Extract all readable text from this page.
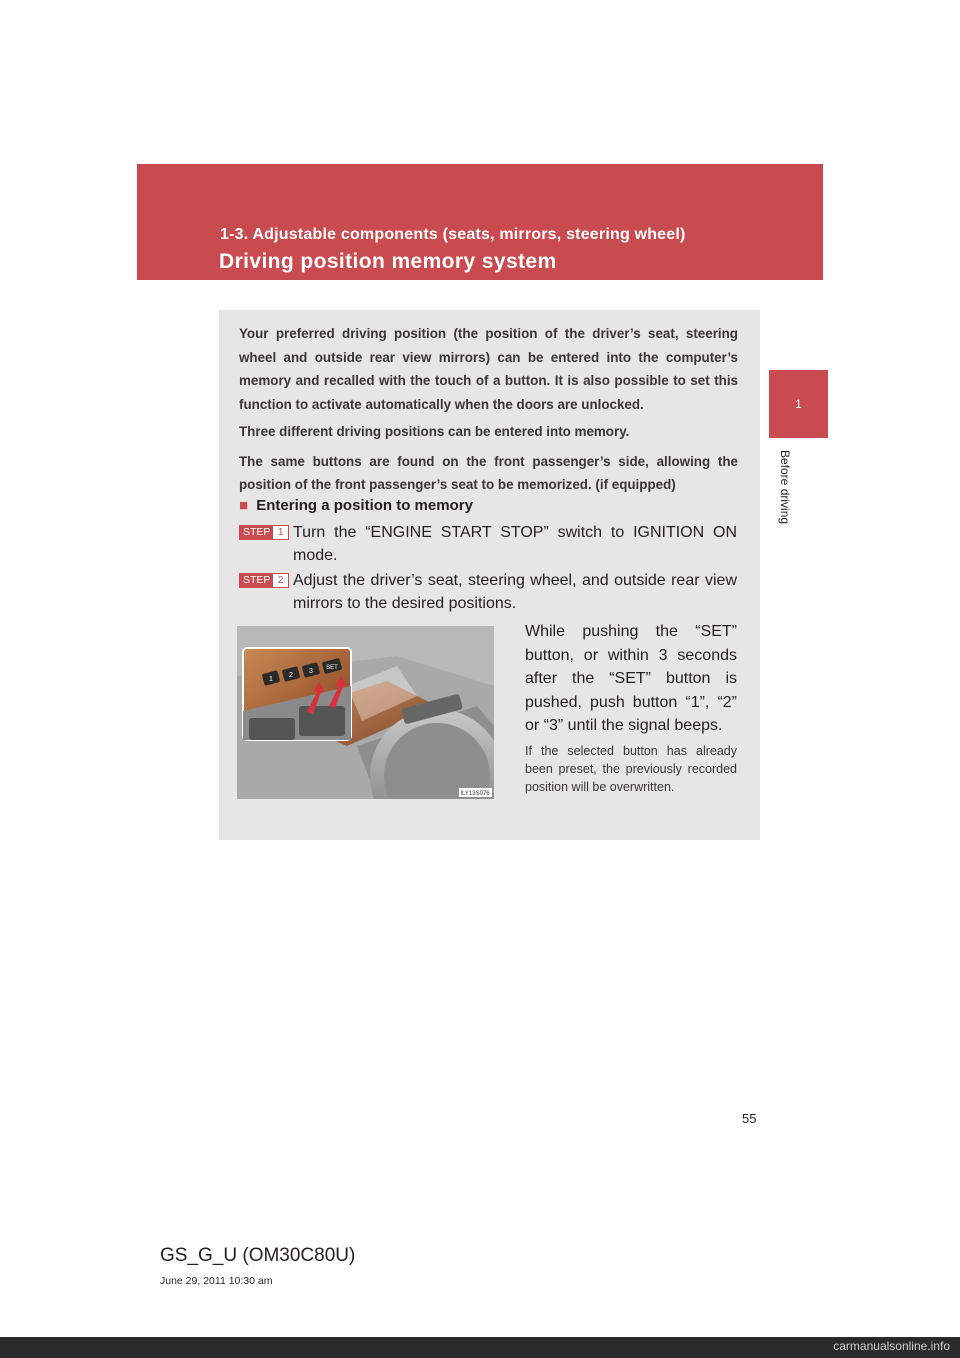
1-3. Adjustable components (seats, mirrors, steering wheel)
Driving position memory system
1
Before driving

Your preferred driving position (the position of the driver’s seat, steering wheel and outside rear view mirrors) can be entered into the computer’s memory and recalled with the touch of a button. It is also possible to set this function to activate automatically when the doors are unlocked.

Three different driving positions can be entered into memory.

The same buttons are found on the front passenger’s side, allowing the position of the front passenger’s seat to be memorized. (if equipped)

■ Entering a position to memory
STEP 1 Turn the “ENGINE START STOP” switch to IGNITION ON mode.
STEP 2 Adjust the driver’s seat, steering wheel, and outside rear view mirrors to the desired positions.
1
2
3 SET
ILY13S076
While pushing the “SET” button, or within 3 seconds after the “SET” button is pushed, push button “1”, “2” or “3” until the signal beeps.
If the selected button has already been preset, the previously recorded position will be overwritten.
55
GS_G_U (OM30C80U)
June 29, 2011 10:30 am
carmanualsonline.info
